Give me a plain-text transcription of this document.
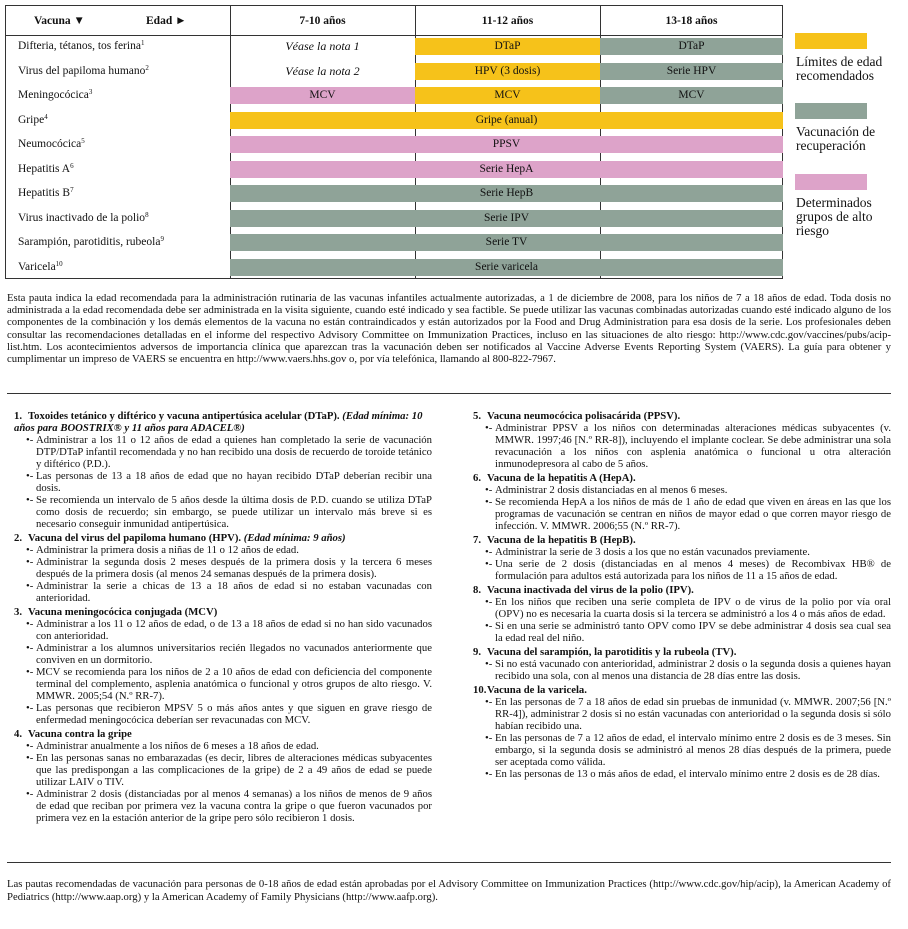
Vacuna ▼	Edad ►	7-10 años	11-12 años	13-18 años
Difteria, tétanos, tos ferina$^1$	Véase la nota 1	DTaP	DTaP
Virus del papiloma humano$^2$	Véase la nota 2	HPV (3 dosis)	Serie HPV
Meningocócica$^3$	MCV	MCV	MCV
Gripe$^4$	Gripe (anual)
Neumocócica$^5$	PPSV
Hepatitis $A^6$	Serie HepA
Hepatitis $B^7$	Serie HepB
Virus inactivado de la polio$^8$	Serie IPV
Sarampión, parotiditis, rubeola$^9$	Serie TV
Varicela$^{10}$	Serie varicela
Límites de edad recomendados
Vacunación de recuperación
Determinados grupos de alto riesgo
Esta pauta indica la edad recomendada para la administración rutinaria de las vacunas infantiles actualmente autorizadas, a 1 de diciembre de 2008, para los niños de 7 a 18 años de edad. Toda dosis no administrada a la edad recomendada debe ser administrada en la visita siguiente, cuando esté indicado y sea factible. Se puede utilizar las vacunas combinadas autorizadas cuando esté indicado alguno de los componentes de la combinación y los demás elementos de la vacuna no están contraindicados y están autorizados por la Food and Drug Administration para esa dosis de la serie. Los profesionales deben consultar las recomendaciones detalladas en el informe del respectivo Advisory Committee on Immunization Practices, incluso en las situaciones de alto riesgo: http://www.cdc.gov/vaccines/pubs/acip-list.htm. Los acontecimientos adversos de importancia clínica que aparezcan tras la vacunación deben ser notificados al Vaccine Adverse Events Reporting System (VAERS). La guía para obtener y cumplimentar un impreso de VAERS se encuentra en http://www.vaers.hhs.gov o, por vía telefónica, llamando al 800-822-7967.
1. Toxoides tetánico y diftérico y vacuna antipertúsica acelular (DTaP). (Edad mínima: 10 años para BOOSTRIX® y 11 años para ADACEL®)
•- Administrar a los 11 o 12 años de edad a quienes han completado la serie de vacunación DTP/DTaP infantil recomendada y no han recibido una dosis de recuerdo de toroide tetánico y diftérico (P.D.).
•- Las personas de 13 a 18 años de edad que no hayan recibido DTaP deberían recibir una dosis.
•- Se recomienda un intervalo de 5 años desde la última dosis de P.D. cuando se utiliza DTaP como dosis de recuerdo; sin embargo, se puede utilizar un intervalo más breve si es necesario conseguir inmunidad antipertúsica.
2. Vacuna del virus del papiloma humano (HPV). (Edad mínima: 9 años)
•- Administrar la primera dosis a niñas de 11 o 12 años de edad.
•- Administrar la segunda dosis 2 meses después de la primera dosis y la tercera 6 meses después de la primera dosis (al menos 24 semanas después de la primera dosis).
•- Administrar la serie a chicas de 13 a 18 años de edad si no estaban vacunadas con anterioridad.
3. Vacuna meningocócica conjugada (MCV)
•- Administrar a los 11 o 12 años de edad, o de 13 a 18 años de edad si no han sido vacunados con anterioridad.
•- Administrar a los alumnos universitarios recién llegados no vacunados anteriormente que conviven en un dormitorio.
•- MCV se recomienda para los niños de 2 a 10 años de edad con deficiencia del componente terminal del complemento, asplenia anatómica o funcional y otros grupos de alto riesgo. V. MMWR. 2005;54 (N.º RR-7).
•- Las personas que recibieron MPSV 5 o más años antes y que siguen en grave riesgo de enfermedad meningocócica deberían ser revacunadas con MCV.
4. Vacuna contra la gripe
•- Administrar anualmente a los niños de 6 meses a 18 años de edad.
•- En las personas sanas no embarazadas (es decir, libres de alteraciones médicas subyacentes que las predispongan a las complicaciones de la gripe) de 2 a 49 años de edad se puede utilizar LAIV o TIV.
•- Administrar 2 dosis (distanciadas por al menos 4 semanas) a los niños de menos de 9 años de edad que reciban por primera vez la vacuna contra la gripe o que fueron vacunados por primera vez en la estación anterior de la gripe pero sólo recibieron 1 dosis.
5. Vacuna neumocócica polisacárida (PPSV).
•- Administrar PPSV a los niños con determinadas alteraciones médicas subyacentes (v. MMWR. 1997;46 [N.º RR-8]), incluyendo el implante coclear. Se debe administrar una sola revacunación a los niños con asplenia anatómica o funcional u otra alteración inmunodepresora al cabo de 5 años.
6. Vacuna de la hepatitis A (HepA).
•- Administrar 2 dosis distanciadas en al menos 6 meses.
•- Se recomienda HepA a los niños de más de 1 año de edad que viven en áreas en las que los programas de vacunación se centran en niños de mayor edad o que corren mayor riesgo de infección. V. MMWR. 2006;55 (N.º RR-7).
7. Vacuna de la hepatitis B (HepB).
•- Administrar la serie de 3 dosis a los que no están vacunados previamente.
•- Una serie de 2 dosis (distanciadas en al menos 4 meses) de Recombivax HB® de formulación para adultos está autorizada para los niños de 11 a 15 años de edad.
8. Vacuna inactivada del virus de la polio (IPV).
•- En los niños que reciben una serie completa de IPV o de virus de la polio por vía oral (OPV) no es necesaria la cuarta dosis si la tercera se administró a los 4 o más años de edad.
•- Si en una serie se administró tanto OPV como IPV se debe administrar 4 dosis sea cual sea la edad real del niño.
9. Vacuna del sarampión, la parotiditis y la rubeola (TV).
•- Si no está vacunado con anterioridad, administrar 2 dosis o la segunda dosis a quienes hayan recibido una sola, con al menos una distancia de 28 días entre las dosis.
10.Vacuna de la varicela.
•- En las personas de 7 a 18 años de edad sin pruebas de inmunidad (v. MMWR. 2007;56 [N.º RR-4]), administrar 2 dosis si no están vacunadas con anterioridad o la segunda dosis si sólo habían recibido una.
•- En las personas de 7 a 12 años de edad, el intervalo mínimo entre 2 dosis es de 3 meses. Sin embargo, si la segunda dosis se administró al menos 28 días después de la primera, puede ser aceptada como válida.
•- En las personas de 13 o más años de edad, el intervalo mínimo entre 2 dosis es de 28 días.
Las pautas recomendadas de vacunación para personas de 0-18 años de edad están aprobadas por el Advisory Committee on Immunization Practices (http://www.cdc.gov/hip/acip), la American Academy of Pediatrics (http://www.aap.org) y la American Academy of Family Physicians (http://www.aafp.org).
